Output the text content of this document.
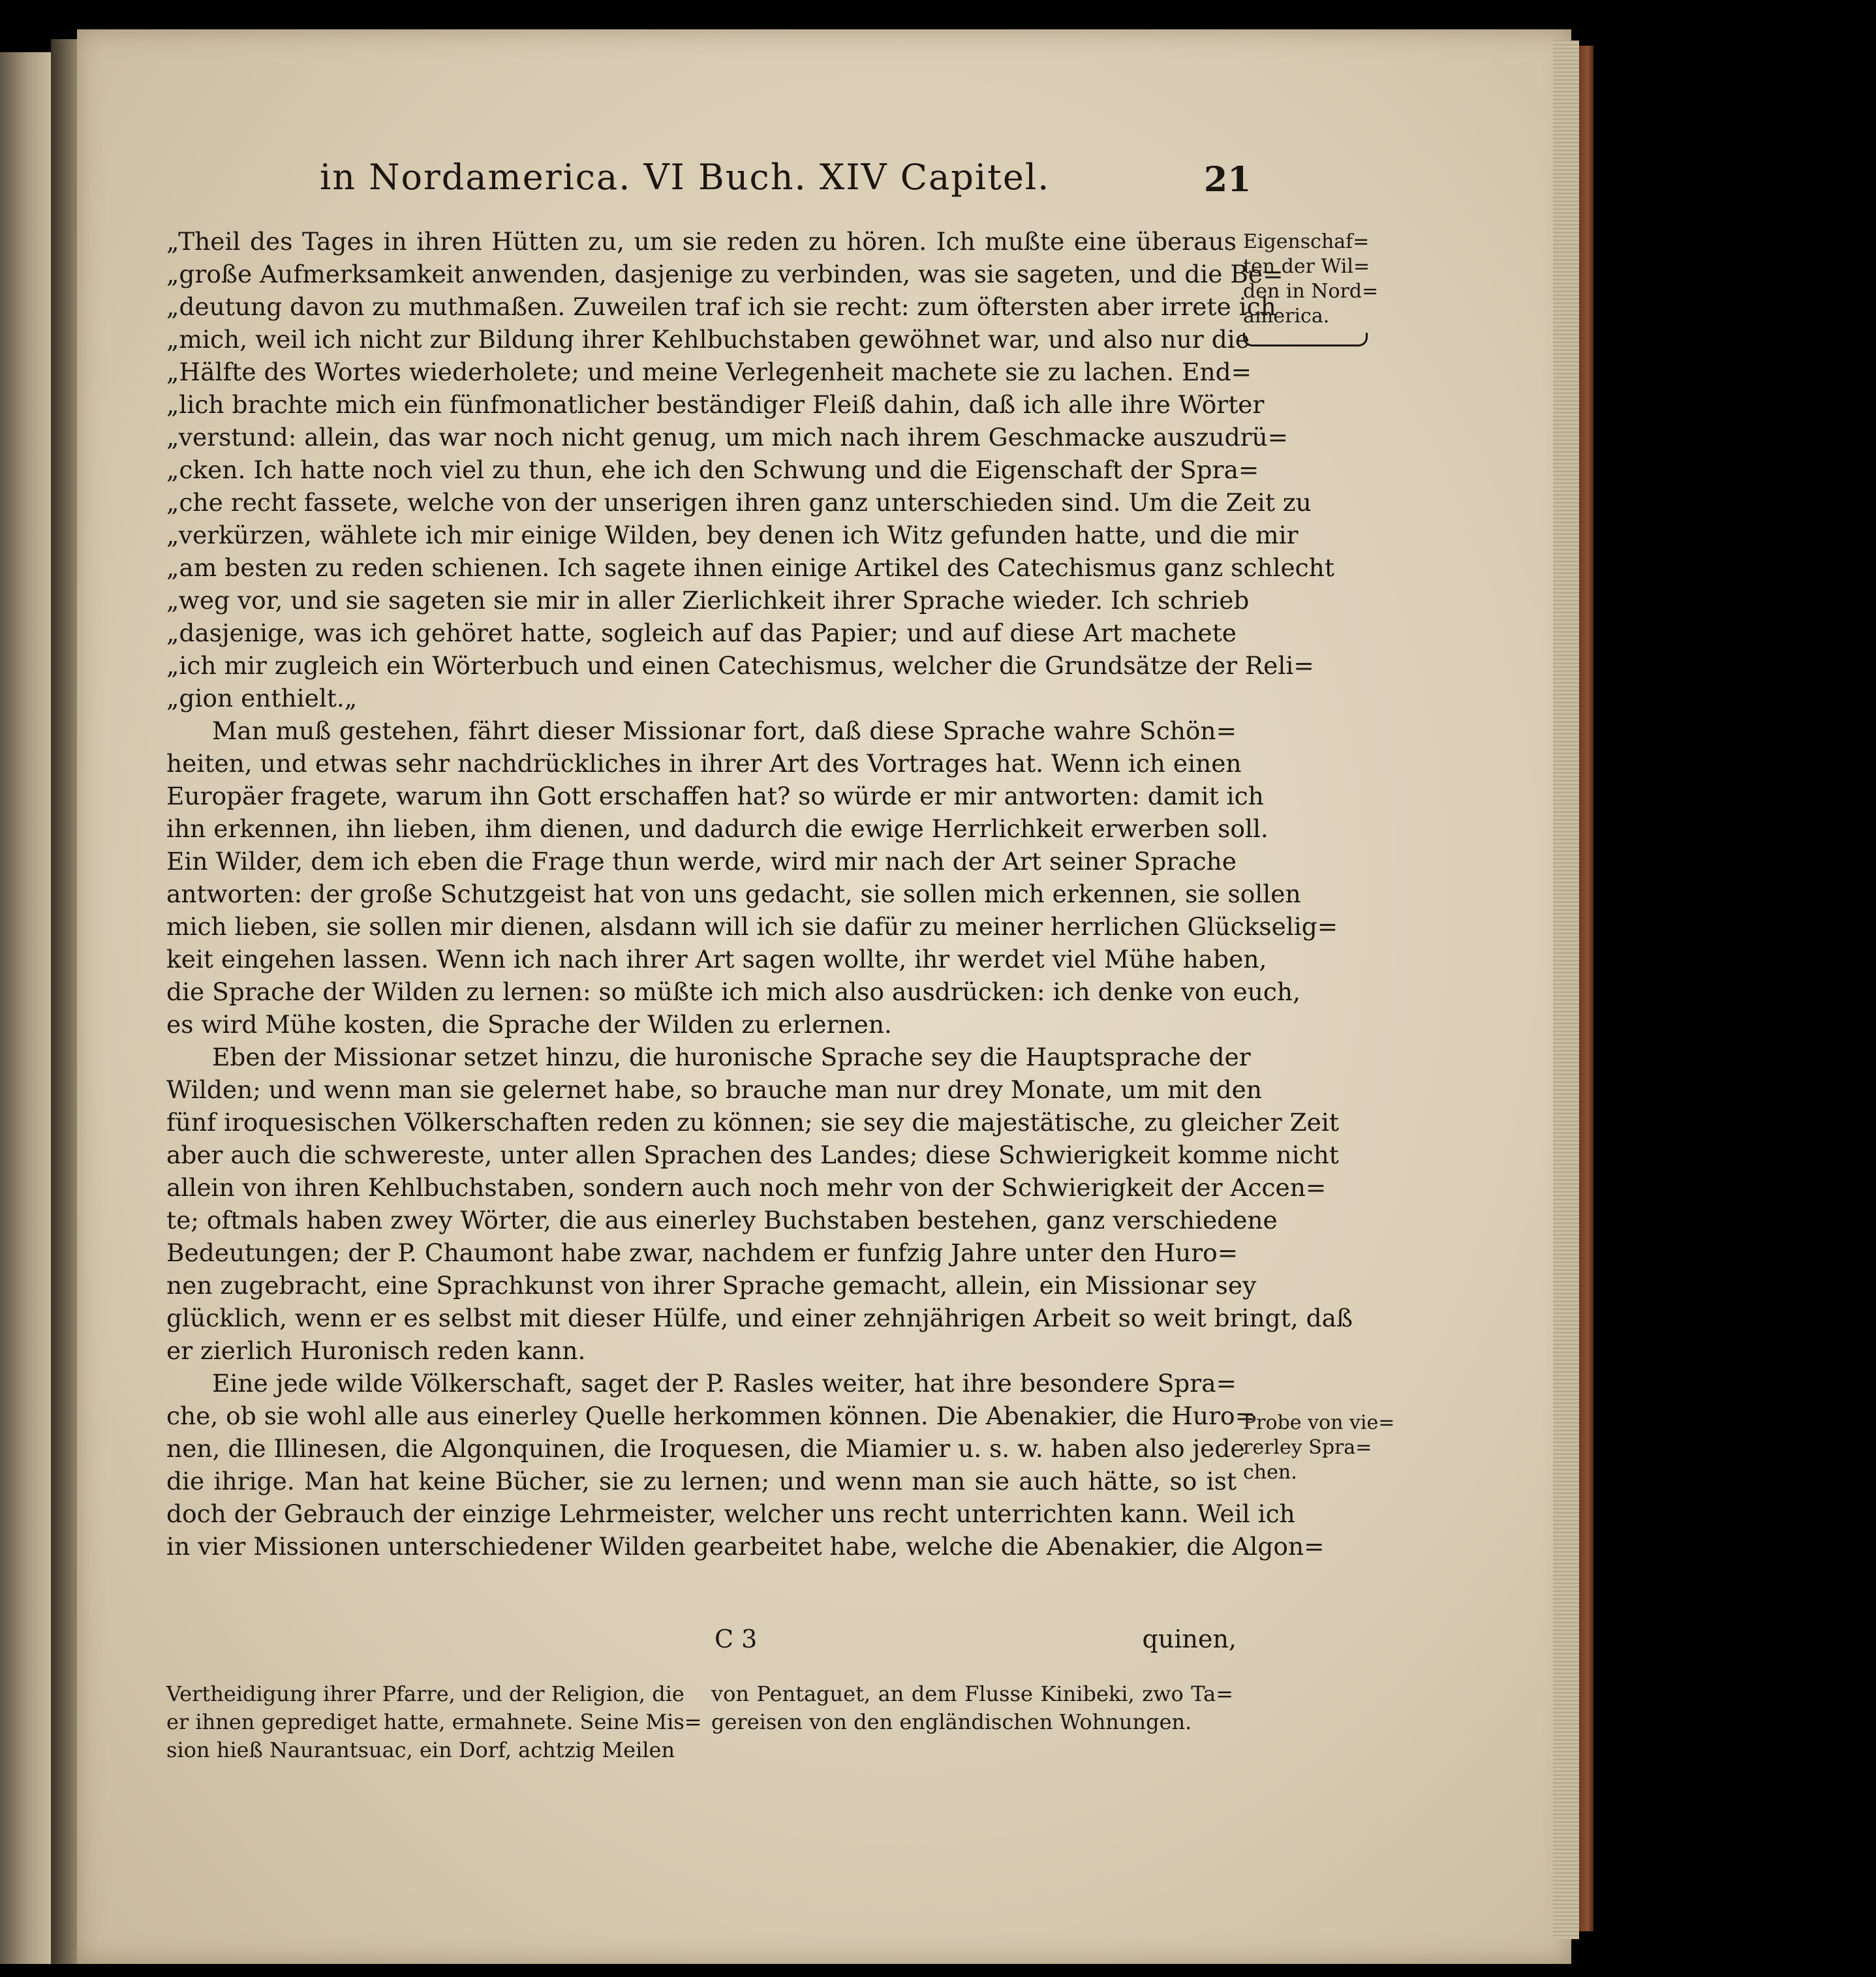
in Nordamerica. VI Buch. XIV Capitel.	21

„Theil des Tages in ihren Hütten zu, um sie reden zu hören. Ich mußte eine überaus
„große Aufmerksamkeit anwenden, dasjenige zu verbinden, was sie sageten, und die Be=
„deutung davon zu muthmaßen. Zuweilen traf ich sie recht: zum öftersten aber irrete ich
„mich, weil ich nicht zur Bildung ihrer Kehlbuchstaben gewöhnet war, und also nur die
„Hälfte des Wortes wiederholete; und meine Verlegenheit machete sie zu lachen. End=
„lich brachte mich ein fünfmonatlicher beständiger Fleiß dahin, daß ich alle ihre Wörter
„verstund: allein, das war noch nicht genug, um mich nach ihrem Geschmacke auszudrü=
„cken. Ich hatte noch viel zu thun, ehe ich den Schwung und die Eigenschaft der Spra=
„che recht fassete, welche von der unserigen ihren ganz unterschieden sind. Um die Zeit zu
„verkürzen, wählete ich mir einige Wilden, bey denen ich Witz gefunden hatte, und die mir
„am besten zu reden schienen. Ich sagete ihnen einige Artikel des Catechismus ganz schlecht
„weg vor, und sie sageten sie mir in aller Zierlichkeit ihrer Sprache wieder. Ich schrieb
„dasjenige, was ich gehöret hatte, sogleich auf das Papier; und auf diese Art machete
„ich mir zugleich ein Wörterbuch und einen Catechismus, welcher die Grundsätze der Reli=
„gion enthielt.„

Man muß gestehen, fährt dieser Missionar fort, daß diese Sprache wahre Schön=
heiten, und etwas sehr nachdrückliches in ihrer Art des Vortrages hat. Wenn ich einen
Europäer fragete, warum ihn Gott erschaffen hat? so würde er mir antworten: damit ich
ihn erkennen, ihn lieben, ihm dienen, und dadurch die ewige Herrlichkeit erwerben soll.
Ein Wilder, dem ich eben die Frage thun werde, wird mir nach der Art seiner Sprache
antworten: der große Schutzgeist hat von uns gedacht, sie sollen mich erkennen, sie sollen
mich lieben, sie sollen mir dienen, alsdann will ich sie dafür zu meiner herrlichen Glückselig=
keit eingehen lassen. Wenn ich nach ihrer Art sagen wollte, ihr werdet viel Mühe haben,
die Sprache der Wilden zu lernen: so müßte ich mich also ausdrücken: ich denke von euch,
es wird Mühe kosten, die Sprache der Wilden zu erlernen.

Eben der Missionar setzet hinzu, die huronische Sprache sey die Hauptsprache der
Wilden; und wenn man sie gelernet habe, so brauche man nur drey Monate, um mit den
fünf iroquesischen Völkerschaften reden zu können; sie sey die majestätische, zu gleicher Zeit
aber auch die schwereste, unter allen Sprachen des Landes; diese Schwierigkeit komme nicht
allein von ihren Kehlbuchstaben, sondern auch noch mehr von der Schwierigkeit der Accen=
te; oftmals haben zwey Wörter, die aus einerley Buchstaben bestehen, ganz verschiedene
Bedeutungen; der P. Chaumont habe zwar, nachdem er funfzig Jahre unter den Huro=
nen zugebracht, eine Sprachkunst von ihrer Sprache gemacht, allein, ein Missionar sey
glücklich, wenn er es selbst mit dieser Hülfe, und einer zehnjährigen Arbeit so weit bringt, daß
er zierlich Huronisch reden kann.

Eine jede wilde Völkerschaft, saget der P. Rasles weiter, hat ihre besondere Spra=
che, ob sie wohl alle aus einerley Quelle herkommen können. Die Abenakier, die Huro=
nen, die Illinesen, die Algonquinen, die Iroquesen, die Miamier u. s. w. haben also jede
die ihrige. Man hat keine Bücher, sie zu lernen; und wenn man sie auch hätte, so ist
doch der Gebrauch der einzige Lehrmeister, welcher uns recht unterrichten kann. Weil ich
in vier Missionen unterschiedener Wilden gearbeitet habe, welche die Abenakier, die Algon=

C 3	quinen,
Vertheidigung ihrer Pfarre, und der Religion, die
er ihnen geprediget hatte, ermahnete. Seine Mis=
sion hieß Naurantsuac, ein Dorf, achtzig Meilen
von Pentaguet, an dem Flusse Kinibeki, zwo Ta=
gereisen von den engländischen Wohnungen.
Eigenschaf=
ten der Wil=
den in Nord=
america.
Probe von vie=
rerley Spra=
chen.
